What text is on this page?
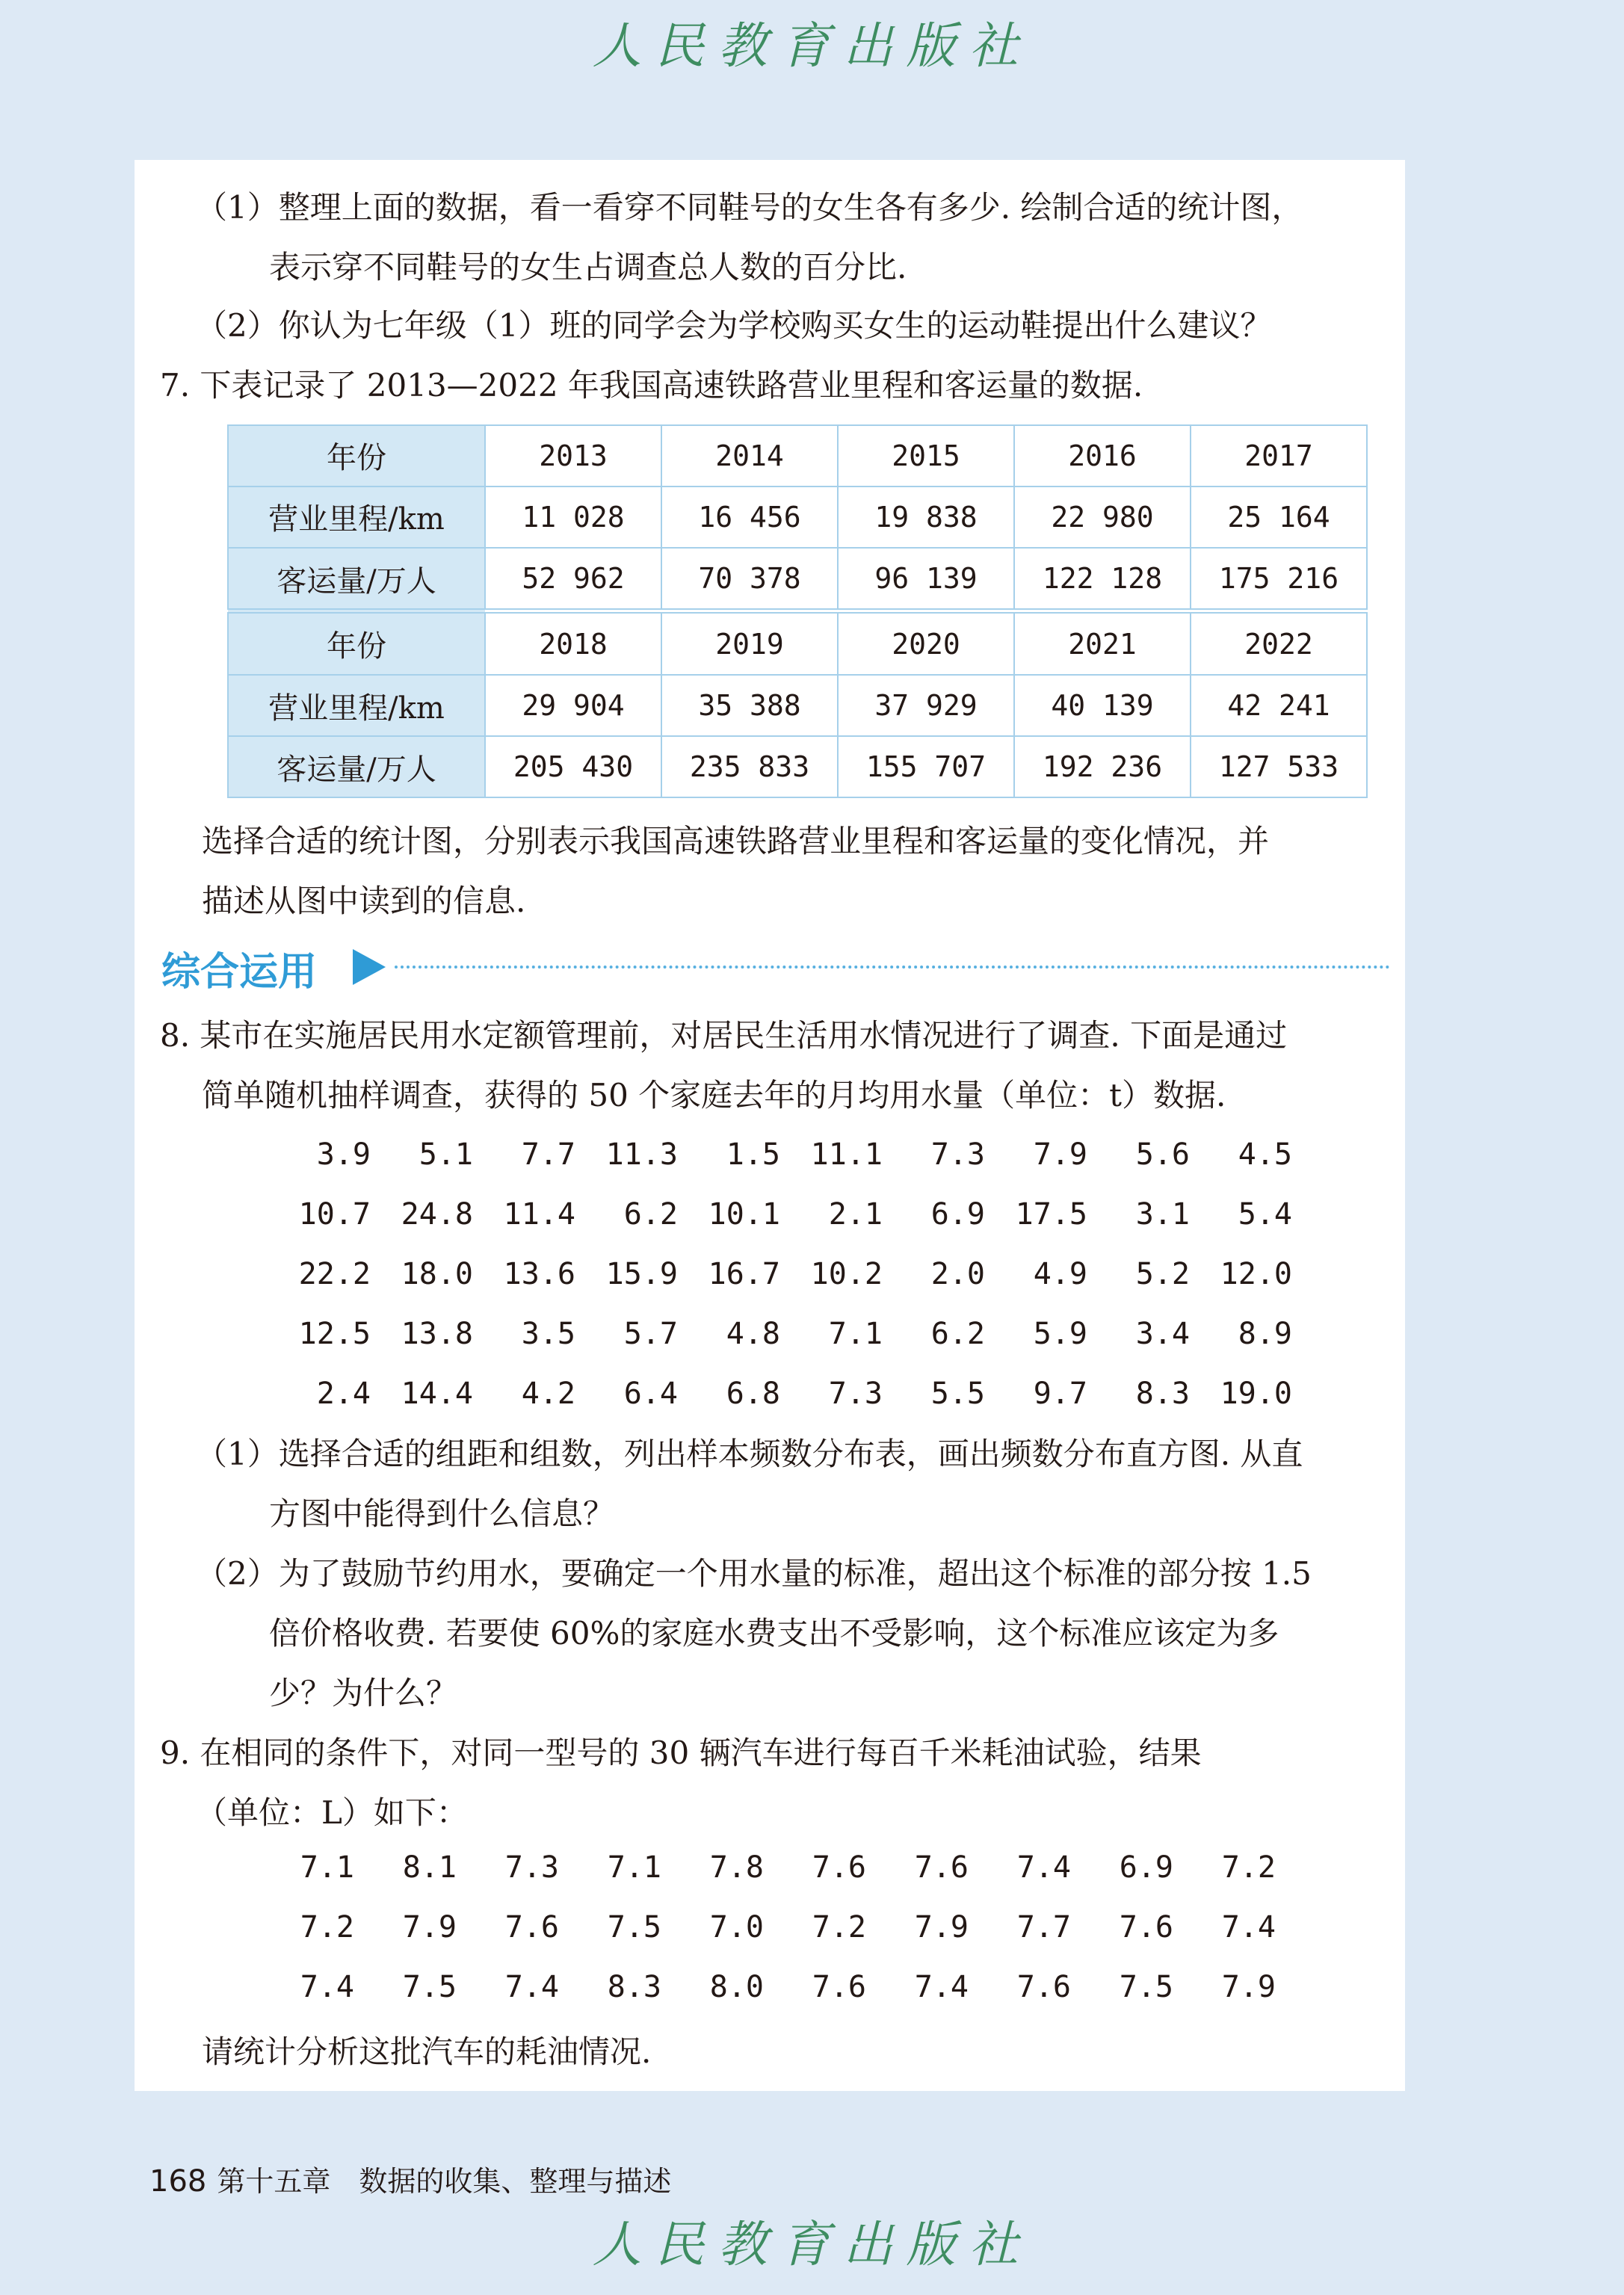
人民教育出版社
（1）整理上面的数据，看一看穿不同鞋号的女生各有多少. 绘制合适的统计图，
表示穿不同鞋号的女生占调查总人数的百分比.
（2）你认为七年级（1）班的同学会为学校购买女生的运动鞋提出什么建议？
7. 下表记录了 2013—2022 年我国高速铁路营业里程和客运量的数据.
年份	2013	2014	2015	2016	2017
营业里程/km	11 028	16 456	19 838	22 980	25 164
客运量/万人	52 962	70 378	96 139	122 128	175 216
年份	2018	2019	2020	2021	2022
营业里程/km	29 904	35 388	37 929	40 139	42 241
客运量/万人	205 430	235 833	155 707	192 236	127 533
选择合适的统计图，分别表示我国高速铁路营业里程和客运量的变化情况，并
描述从图中读到的信息.
综合运用
8. 某市在实施居民用水定额管理前，对居民生活用水情况进行了调查. 下面是通过
简单随机抽样调查，获得的 50 个家庭去年的月均用水量（单位：t）数据.
3.9	5.1	7.7	11.3	1.5	11.1	7.3	7.9	5.6	4.5
10.7	24.8	11.4	6.2	10.1	2.1	6.9	17.5	3.1	5.4
22.2	18.0	13.6	15.9	16.7	10.2	2.0	4.9	5.2	12.0
12.5	13.8	3.5	5.7	4.8	7.1	6.2	5.9	3.4	8.9
2.4	14.4	4.2	6.4	6.8	7.3	5.5	9.7	8.3	19.0
（1）选择合适的组距和组数，列出样本频数分布表，画出频数分布直方图. 从直
方图中能得到什么信息？
（2）为了鼓励节约用水，要确定一个用水量的标准，超出这个标准的部分按 1.5
倍价格收费. 若要使 60%的家庭水费支出不受影响，这个标准应该定为多
少？为什么？
9. 在相同的条件下，对同一型号的 30 辆汽车进行每百千米耗油试验，结果
（单位：L）如下：
7.1	8.1	7.3	7.1	7.8	7.6	7.6	7.4	6.9	7.2
7.2	7.9	7.6	7.5	7.0	7.2	7.9	7.7	7.6	7.4
7.4	7.5	7.4	8.3	8.0	7.6	7.4	7.6	7.5	7.9
请统计分析这批汽车的耗油情况.
168 第十五章　数据的收集、整理与描述
人民教育出版社
